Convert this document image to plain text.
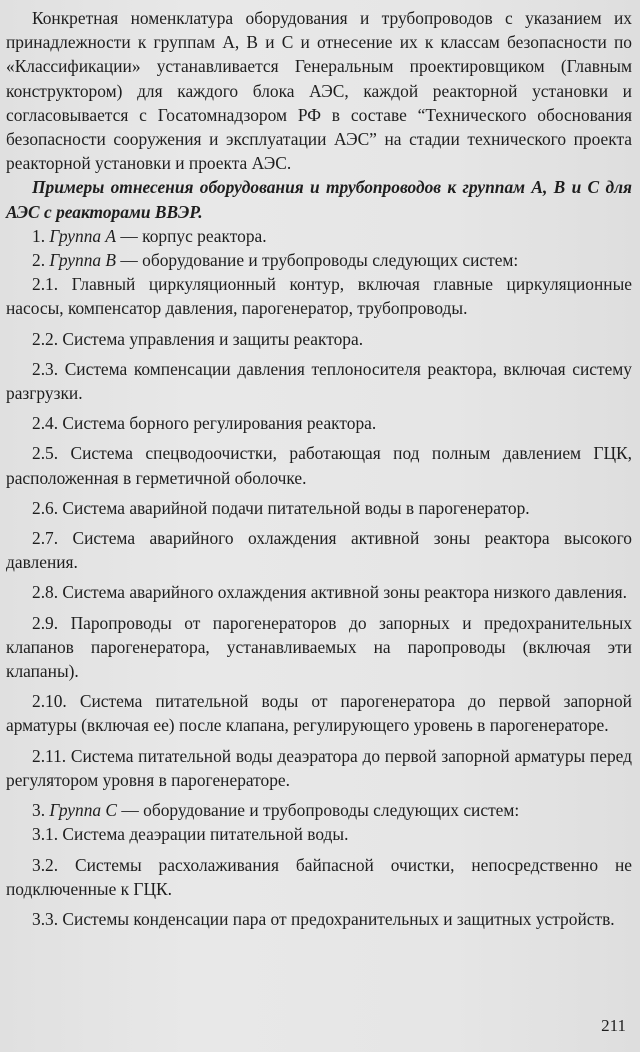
Конкретная номенклатура оборудования и трубопроводов с указанием их принадлежности к группам А, В и С и отнесение их к классам безопасности по «Классификации» устанавливается Генеральным проектировщиком (Главным конструктором) для каждого блока АЭС, каждой реакторной установки и согласовывается с Госатомнадзором РФ в составе “Технического обоснования безопасности сооружения и эксплуатации АЭС” на стадии технического проекта реакторной установки и проекта АЭС.

Примеры отнесения оборудования и трубопроводов к группам А, В и С для АЭС с реакторами ВВЭР.

1. Группа А — корпус реактора.

2. Группа В — оборудование и трубопроводы следующих систем:

2.1. Главный циркуляционный контур, включая главные циркуляционные насосы, компенсатор давления, парогенератор, трубопроводы.

2.2. Система управления и защиты реактора.

2.3. Система компенсации давления теплоносителя реактора, включая систему разгрузки.

2.4. Система борного регулирования реактора.

2.5. Система спецводоочистки, работающая под полным давлением ГЦК, расположенная в герметичной оболочке.

2.6. Система аварийной подачи питательной воды в парогенератор.

2.7. Система аварийного охлаждения активной зоны реактора высокого давления.

2.8. Система аварийного охлаждения активной зоны реактора низкого давления.

2.9. Паропроводы от парогенераторов до запорных и предохранительных клапанов парогенератора, устанавливаемых на паропроводы (включая эти клапаны).

2.10. Система питательной воды от парогенератора до первой запорной арматуры (включая ее) после клапана, регулирующего уровень в парогенераторе.

2.11. Система питательной воды деаэратора до первой запорной арматуры перед регулятором уровня в парогенераторе.

3. Группа С — оборудование и трубопроводы следующих систем:

3.1. Система деаэрации питательной воды.

3.2. Системы расхолаживания байпасной очистки, непосредственно не подключенные к ГЦК.

3.3. Системы конденсации пара от предохранительных и защитных устройств.

211
